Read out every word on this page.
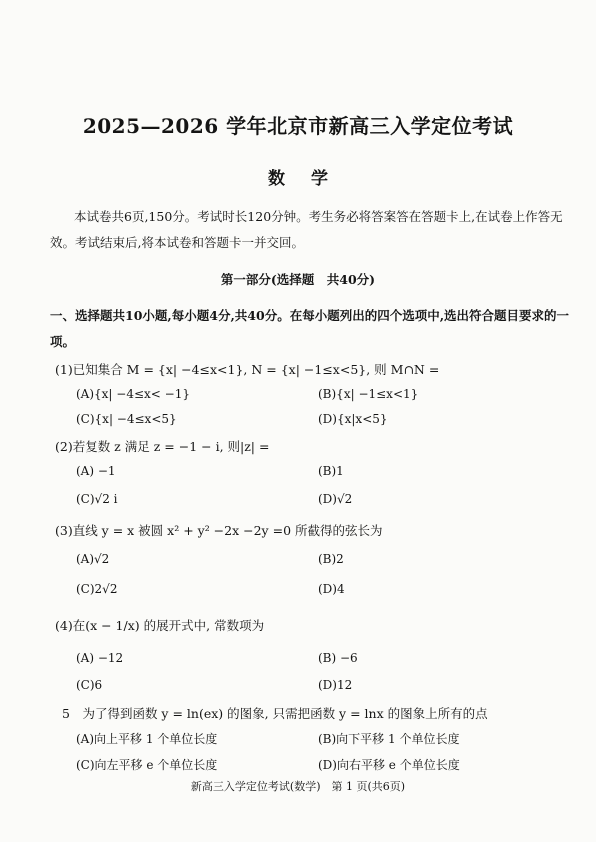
2025—2026 学年北京市新高三入学定位考试
数学
本试卷共6页,150分。考试时长120分钟。考生务必将答案答在答题卡上,在试卷上作答无效。考试结束后,将本试卷和答题卡一并交回。
第一部分(选择题　共40分)
一、选择题共10小题,每小题4分,共40分。在每小题列出的四个选项中,选出符合题目要求的一项。
(1)已知集合 M = {x| −4≤x<1}, N = {x| −1≤x<5}, 则 M∩N =
(A){x| −4≤x< −1}	(B){x| −1≤x<1}
(C){x| −4≤x<5}	(D){x|x<5}
(2)若复数 z 满足 z = −1 − i, 则|z| =
(A) −1	(B)1
(C)√2 i	(D)√2
(3)直线 y = x 被圆 x² + y² −2x −2y =0 所截得的弦长为
(A)√2	(B)2
(C)2√2	(D)4
(4)在(x − 1/x) 的展开式中, 常数项为
(A) −12	(B) −6
(C)6	(D)12
5　为了得到函数 y = ln(ex) 的图象, 只需把函数 y = lnx 的图象上所有的点
(A)向上平移 1 个单位长度	(B)向下平移 1 个单位长度
(C)向左平移 e 个单位长度	(D)向右平移 e 个单位长度
新高三入学定位考试(数学)　第 1 页(共6页)
